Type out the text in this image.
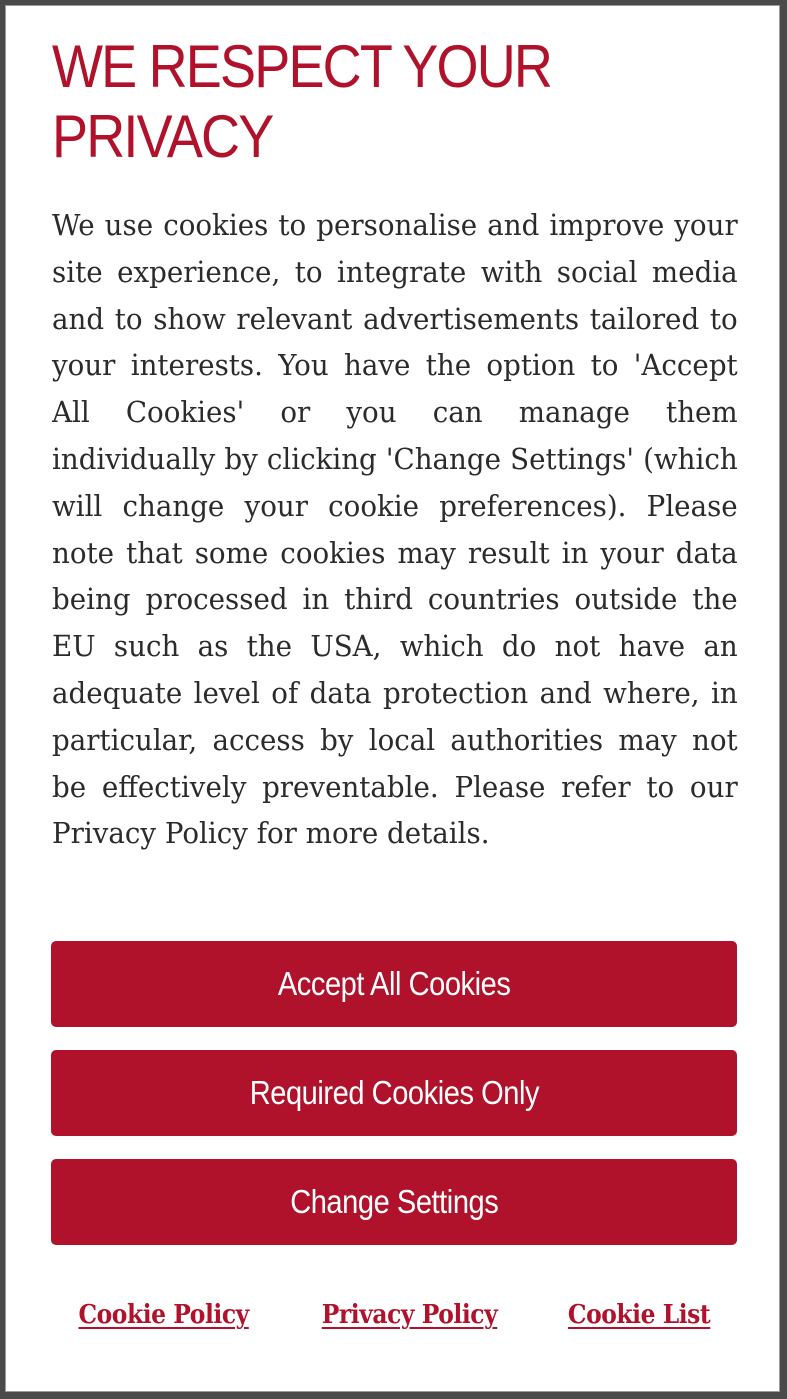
WE RESPECT YOUR PRIVACY

We use cookies to personalise and improve your site experience, to integrate with social media and to show relevant advertisements tailored to your interests. You have the option to 'Accept All Cookies' or you can manage them individually by clicking 'Change Settings' (which will change your cookie preferences). Please note that some cookies may result in your data being processed in third countries outside the EU such as the USA, which do not have an adequate level of data protection and where, in particular, access by local authorities may not be effectively preventable. Please refer to our Privacy Policy for more details.

Accept All Cookies
Required Cookies Only
Change Settings
Cookie Policy	Privacy Policy	Cookie List
